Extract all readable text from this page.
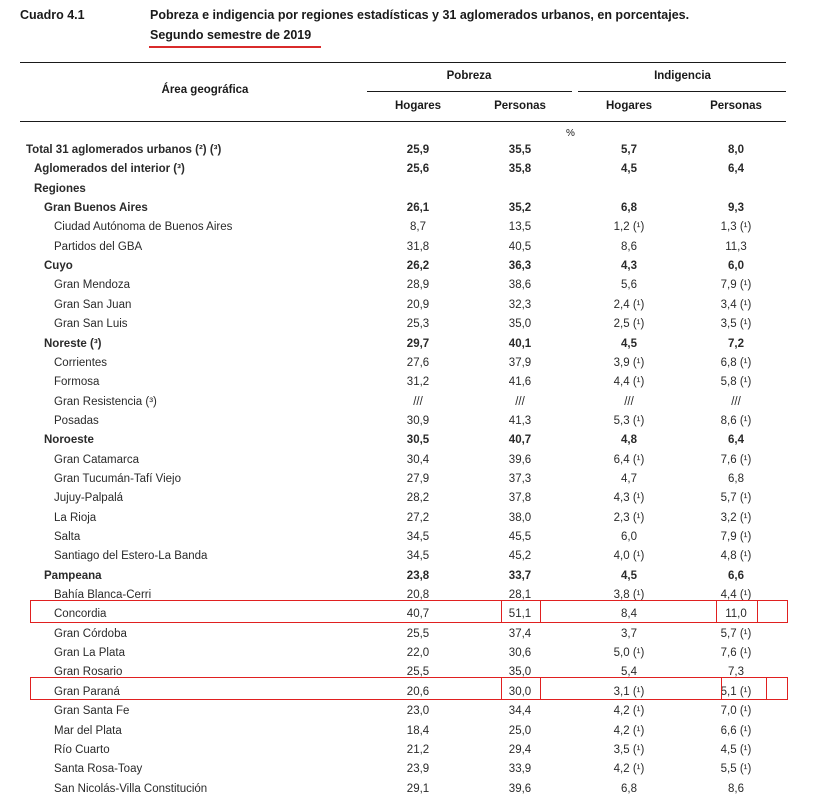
Cuadro 4.1	Pobreza e indigencia por regiones estadísticas y 31 aglomerados urbanos, en porcentajes.
Segundo semestre de 2019
Área geográfica
Pobreza	Indigencia
Hogares	Personas	Hogares	Personas
%
Total 31 aglomerados urbanos (²) (³)	25,9	35,5	5,7	8,0
Aglomerados del interior (³)	25,6	35,8	4,5	6,4
Regiones
Gran Buenos Aires	26,1	35,2	6,8	9,3
Ciudad Autónoma de Buenos Aires	8,7	13,5	1,2 (¹)	1,3 (¹)
Partidos del GBA	31,8	40,5	8,6	11,3
Cuyo	26,2	36,3	4,3	6,0
Gran Mendoza	28,9	38,6	5,6	7,9 (¹)
Gran San Juan	20,9	32,3	2,4 (¹)	3,4 (¹)
Gran San Luis	25,3	35,0	2,5 (¹)	3,5 (¹)
Noreste (³)	29,7	40,1	4,5	7,2
Corrientes	27,6	37,9	3,9 (¹)	6,8 (¹)
Formosa	31,2	41,6	4,4 (¹)	5,8 (¹)
Gran Resistencia (³)	///	///	///	///
Posadas	30,9	41,3	5,3 (¹)	8,6 (¹)
Noroeste	30,5	40,7	4,8	6,4
Gran Catamarca	30,4	39,6	6,4 (¹)	7,6 (¹)
Gran Tucumán-Tafí Viejo	27,9	37,3	4,7	6,8
Jujuy-Palpalá	28,2	37,8	4,3 (¹)	5,7 (¹)
La Rioja	27,2	38,0	2,3 (¹)	3,2 (¹)
Salta	34,5	45,5	6,0	7,9 (¹)
Santiago del Estero-La Banda	34,5	45,2	4,0 (¹)	4,8 (¹)
Pampeana	23,8	33,7	4,5	6,6
Bahía Blanca-Cerri	20,8	28,1	3,8 (¹)	4,4 (¹)
Concordia	40,7	51,1	8,4	11,0
Gran Córdoba	25,5	37,4	3,7	5,7 (¹)
Gran La Plata	22,0	30,6	5,0 (¹)	7,6 (¹)
Gran Rosario	25,5	35,0	5,4	7,3
Gran Paraná	20,6	30,0	3,1 (¹)	5,1 (¹)
Gran Santa Fe	23,0	34,4	4,2 (¹)	7,0 (¹)
Mar del Plata	18,4	25,0	4,2 (¹)	6,6 (¹)
Río Cuarto	21,2	29,4	3,5 (¹)	4,5 (¹)
Santa Rosa-Toay	23,9	33,9	4,2 (¹)	5,5 (¹)
San Nicolás-Villa Constitución	29,1	39,6	6,8	8,6
